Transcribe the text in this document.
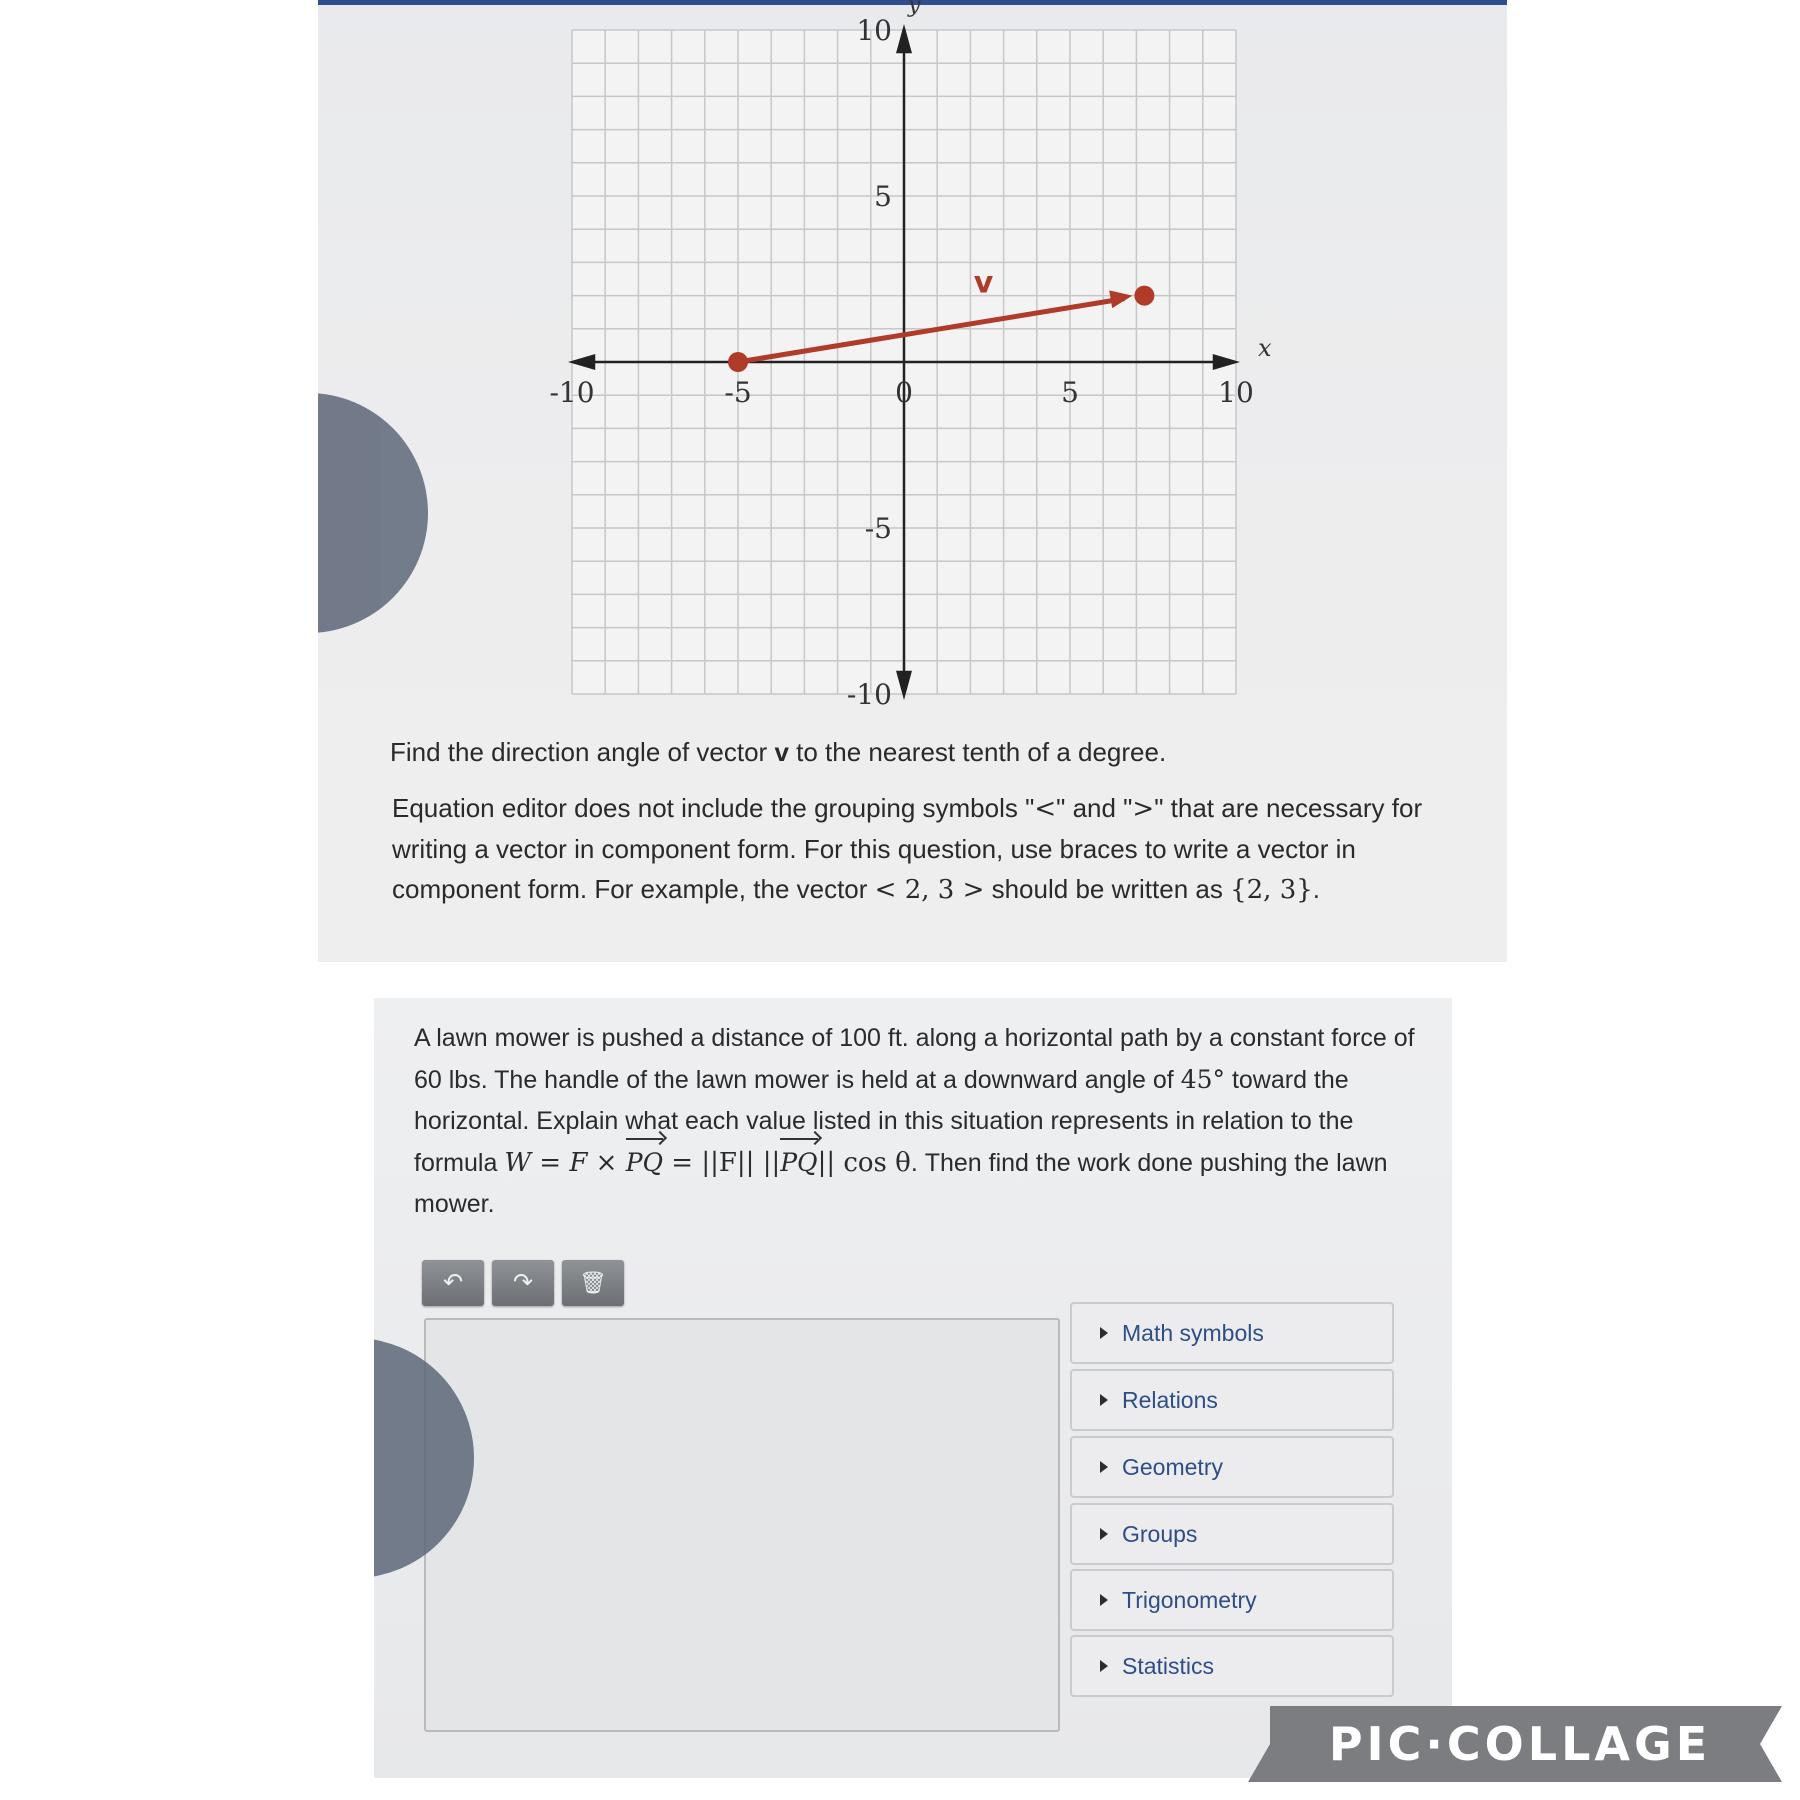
-10	-5	0	5	10
10
5
-5
-10
x
y
v
Find the direction angle of vector v to the nearest tenth of a degree.
Equation editor does not include the grouping symbols "<" and ">" that are necessary for writing a vector in component form. For this question, use braces to write a vector in component form. For example, the vector < 2, 3 > should be written as {2, 3}.
A lawn mower is pushed a distance of 100 ft. along a horizontal path by a constant force of 60 lbs. The handle of the lawn mower is held at a downward angle of 45° toward the horizontal. Explain what each value listed in this situation represents in relation to the formula W = F × PQ = ||F|| ||PQ|| cos θ. Then find the work done pushing the lawn mower.
↶	↷	🗑
Math symbols
Relations
Geometry
Groups
Trigonometry
Statistics
PIC·COLLAGE
